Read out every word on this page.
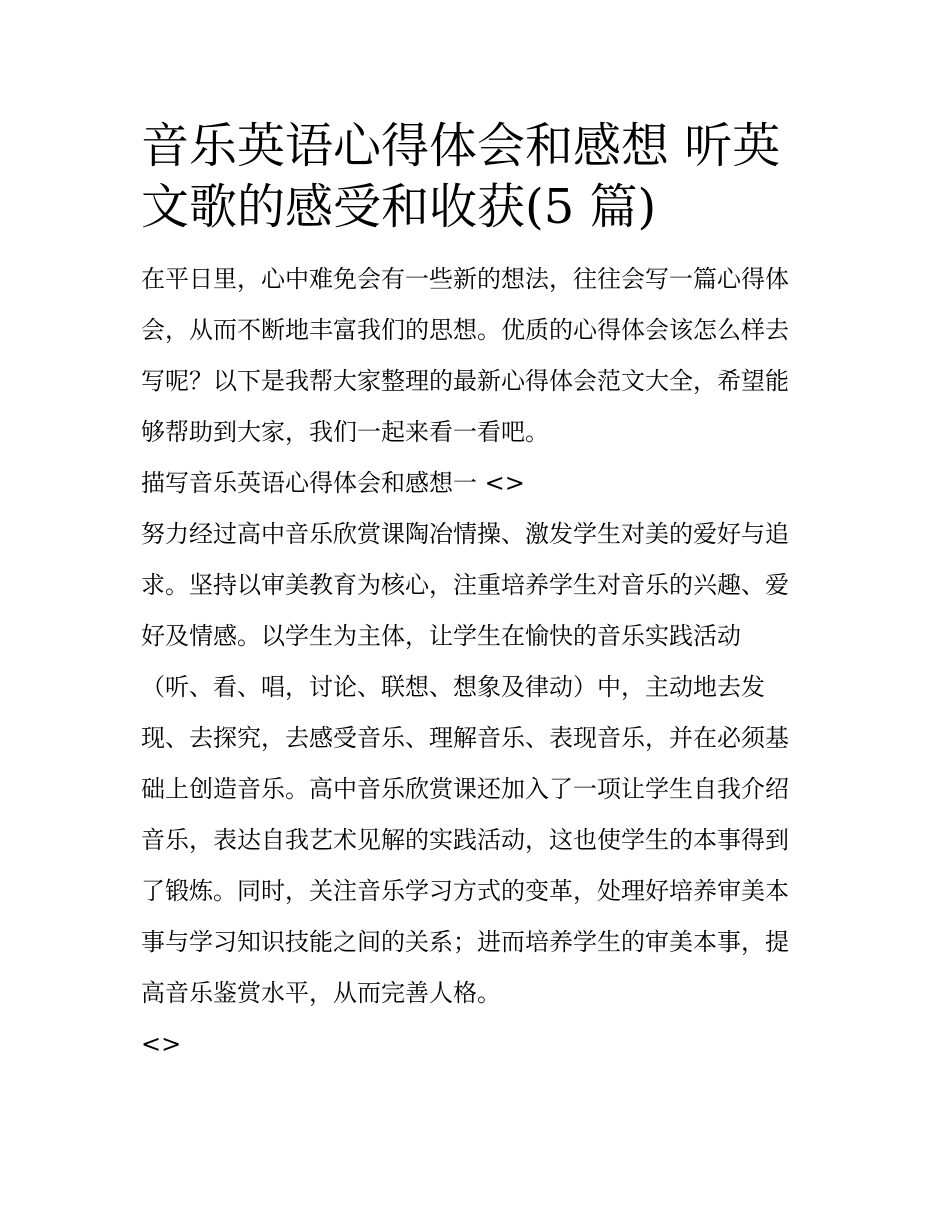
音乐英语心得体会和感想 听英
文歌的感受和收获(5 篇)

在平日里，心中难免会有一些新的想法，往往会写一篇心得体
会，从而不断地丰富我们的思想。优质的心得体会该怎么样去
写呢？以下是我帮大家整理的最新心得体会范文大全，希望能
够帮助到大家，我们一起来看一看吧。

描写音乐英语心得体会和感想一 <>

努力经过高中音乐欣赏课陶冶情操、激发学生对美的爱好与追
求。坚持以审美教育为核心，注重培养学生对音乐的兴趣、爱
好及情感。以学生为主体，让学生在愉快的音乐实践活动
（听、看、唱，讨论、联想、想象及律动）中，主动地去发
现、去探究，去感受音乐、理解音乐、表现音乐，并在必须基
础上创造音乐。高中音乐欣赏课还加入了一项让学生自我介绍
音乐，表达自我艺术见解的实践活动，这也使学生的本事得到
了锻炼。同时，关注音乐学习方式的变革，处理好培养审美本
事与学习知识技能之间的关系；进而培养学生的审美本事，提
高音乐鉴赏水平，从而完善人格。

<>
